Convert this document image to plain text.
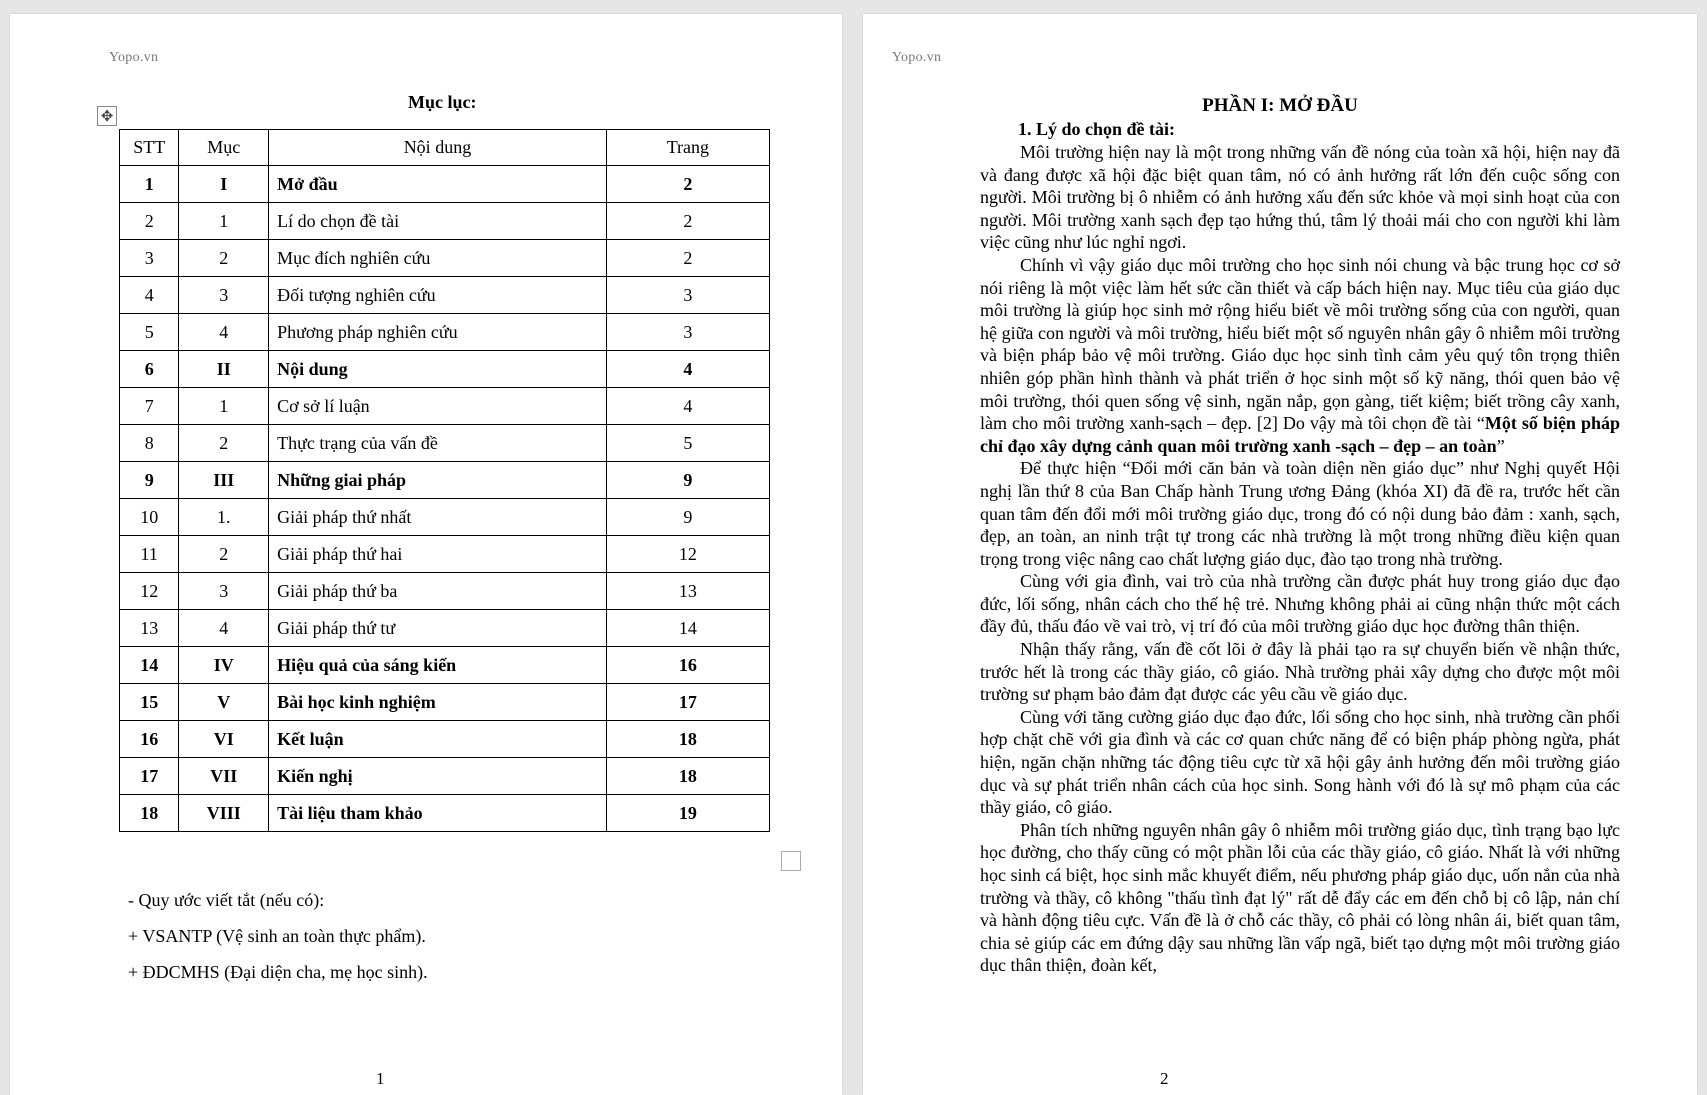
Yopo.vn
Mục lục:
✥
STT	Mục	Nội dung	Trang
1	I	Mở đầu	2
2	1	Lí do chọn đề tài	2
3	2	Mục đích nghiên cứu	2
4	3	Đối tượng nghiên cứu	3
5	4	Phương pháp nghiên cứu	3
6	II	Nội dung	4
7	1	Cơ sở lí luận	4
8	2	Thực trạng của vấn đề	5
9	III	Những giai pháp	9
10	1.	Giải pháp thứ nhất	9
11	2	Giải pháp thứ hai	12
12	3	Giải pháp thứ ba	13
13	4	Giải pháp thứ tư	14
14	IV	Hiệu quả của sáng kiến	16
15	V	Bài học kinh nghiệm	17
16	VI	Kết luận	18
17	VII	Kiến nghị	18
18	VIII	Tài liệu tham khảo	19

- Quy ước viết tắt (nếu có):

+ VSANTP (Vệ sinh an toàn thực phẩm).

+ ĐDCMHS (Đại diện cha, mẹ học sinh).

1
Yopo.vn
PHẦN I: MỞ ĐẦU
1. Lý do chọn đề tài:

Môi trường hiện nay là một trong những vấn đề nóng của toàn xã hội, hiện nay đã và đang được xã hội đặc biệt quan tâm, nó có ảnh hưởng rất lớn đến cuộc sống con người. Môi trường bị ô nhiễm có ảnh hưởng xấu đến sức khỏe và mọi sinh hoạt của con người. Môi trường xanh sạch đẹp tạo hứng thú, tâm lý thoải mái cho con người khi làm việc cũng như lúc nghỉ ngơi.

Chính vì vậy giáo dục môi trường cho học sinh nói chung và bậc trung học cơ sở nói riêng là một việc làm hết sức cần thiết và cấp bách hiện nay. Mục tiêu của giáo dục môi trường là giúp học sinh mở rộng hiểu biết về môi trường sống của con người, quan hệ giữa con người và môi trường, hiểu biết một số nguyên nhân gây ô nhiễm môi trường và biện pháp bảo vệ môi trường. Giáo dục học sinh tình cảm yêu quý tôn trọng thiên nhiên góp phần hình thành và phát triển ở học sinh một số kỹ năng, thói quen bảo vệ môi trường, thói quen sống vệ sinh, ngăn nắp, gọn gàng, tiết kiệm; biết trồng cây xanh, làm cho môi trường xanh-sạch – đẹp. [2] Do vậy mà tôi chọn đề tài “Một số biện pháp chỉ đạo xây dựng cảnh quan môi trường xanh -sạch – đẹp – an toàn”

Để thực hiện “Đổi mới căn bản và toàn diện nền giáo dục” như Nghị quyết Hội nghị lần thứ 8 của Ban Chấp hành Trung ương Đảng (khóa XI) đã đề ra, trước hết cần quan tâm đến đổi mới môi trường giáo dục, trong đó có nội dung bảo đảm : xanh, sạch, đẹp, an toàn, an ninh trật tự trong các nhà trường là một trong những điều kiện quan trọng trong việc nâng cao chất lượng giáo dục, đào tạo trong nhà trường.

Cùng với gia đình, vai trò của nhà trường cần được phát huy trong giáo dục đạo đức, lối sống, nhân cách cho thế hệ trẻ. Nhưng không phải ai cũng nhận thức một cách đầy đủ, thấu đáo về vai trò, vị trí đó của môi trường giáo dục học đường thân thiện.

Nhận thấy rằng, vấn đề cốt lõi ở đây là phải tạo ra sự chuyển biến về nhận thức, trước hết là trong các thầy giáo, cô giáo. Nhà trường phải xây dựng cho được một môi trường sư phạm bảo đảm đạt được các yêu cầu về giáo dục.

Cùng với tăng cường giáo dục đạo đức, lối sống cho học sinh, nhà trường cần phối hợp chặt chẽ với gia đình và các cơ quan chức năng để có biện pháp phòng ngừa, phát hiện, ngăn chặn những tác động tiêu cực từ xã hội gây ảnh hưởng đến môi trường giáo dục và sự phát triển nhân cách của học sinh. Song hành với đó là sự mô phạm của các thầy giáo, cô giáo.

Phân tích những nguyên nhân gây ô nhiễm môi trường giáo dục, tình trạng bạo lực học đường, cho thấy cũng có một phần lỗi của các thầy giáo, cô giáo. Nhất là với những học sinh cá biệt, học sinh mắc khuyết điểm, nếu phương pháp giáo dục, uốn nắn của nhà trường và thầy, cô không "thấu tình đạt lý" rất dễ đẩy các em đến chỗ bị cô lập, nản chí và hành động tiêu cực. Vấn đề là ở chỗ các thầy, cô phải có lòng nhân ái, biết quan tâm, chia sẻ giúp các em đứng dậy sau những lần vấp ngã, biết tạo dựng một môi trường giáo dục thân thiện, đoàn kết,

2
